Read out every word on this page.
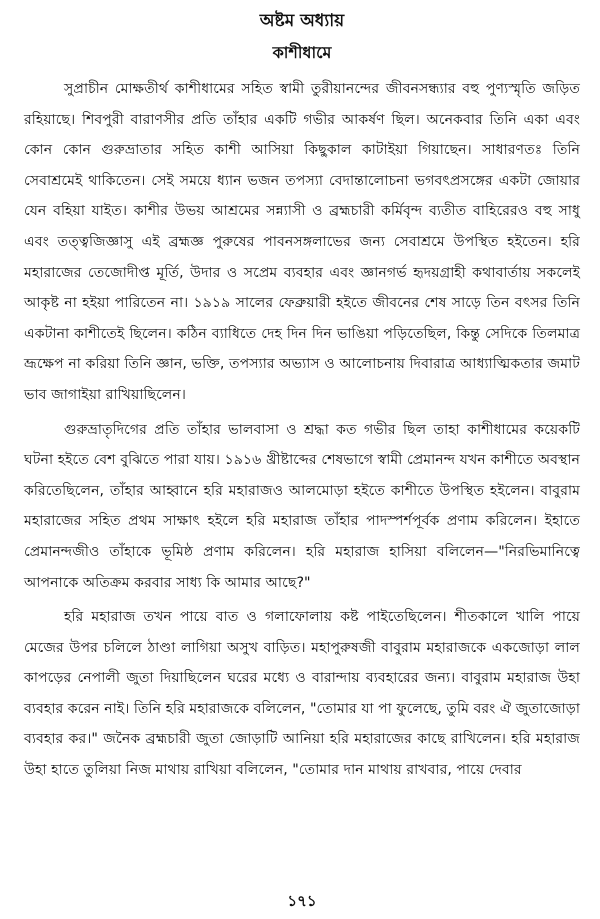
অষ্টম অধ্যায়
কাশীধামে

সুপ্রাচীন মোক্ষতীর্থ কাশীধামের সহিত স্বামী তুরীয়ানন্দের জীবনসন্ধ্যার বহু পুণ্যস্মৃতি জড়িত রহিয়াছে। শিবপুরী বারাণসীর প্রতি তাঁহার একটি গভীর আকর্ষণ ছিল। অনেকবার তিনি একা এবং কোন কোন গুরুভ্রাতার সহিত কাশী আসিয়া কিছুকাল কাটাইয়া গিয়াছেন। সাধারণতঃ তিনি সেবাশ্রমেই থাকিতেন। সেই সময়ে ধ্যান ভজন তপস্যা বেদান্তালোচনা ভগবৎপ্রসঙ্গের একটা জোয়ার যেন বহিয়া যাইত। কাশীর উভয় আশ্রমের সন্ন্যাসী ও ব্রহ্মচারী কর্মিবৃন্দ ব্যতীত বাহিরেরও বহু সাধু এবং তত্ত্বজিজ্ঞাসু এই ব্রহ্মজ্ঞ পুরুষের পাবনসঙ্গলাভের জন্য সেবাশ্রমে উপস্থিত হইতেন। হরি মহারাজের তেজোদীপ্ত মূর্তি, উদার ও সপ্রেম ব্যবহার এবং জ্ঞানগর্ভ হৃদয়গ্রাহী কথাবার্তায় সকলেই আকৃষ্ট না হইয়া পারিতেন না। ১৯১৯ সালের ফেব্রুয়ারী হইতে জীবনের শেষ সাড়ে তিন বৎসর তিনি একটানা কাশীতেই ছিলেন। কঠিন ব্যাধিতে দেহ দিন দিন ভাঙিয়া পড়িতেছিল, কিন্তু সেদিকে তিলমাত্র ভ্রূক্ষেপ না করিয়া তিনি জ্ঞান, ভক্তি, তপস্যার অভ্যাস ও আলোচনায় দিবারাত্র আধ্যাত্মিকতার জমাট ভাব জাগাইয়া রাখিয়াছিলেন।

গুরুভ্রাতৃদিগের প্রতি তাঁহার ভালবাসা ও শ্রদ্ধা কত গভীর ছিল তাহা কাশীধামের কয়েকটি ঘটনা হইতে বেশ বুঝিতে পারা যায়। ১৯১৬ খ্রীষ্টাব্দের শেষভাগে স্বামী প্রেমানন্দ যখন কাশীতে অবস্থান করিতেছিলেন, তাঁহার আহ্বানে হরি মহারাজও আলমোড়া হইতে কাশীতে উপস্থিত হইলেন। বাবুরাম মহারাজের সহিত প্রথম সাক্ষাৎ হইলে হরি মহারাজ তাঁহার পাদস্পর্শপূর্বক প্রণাম করিলেন। ইহাতে প্রেমানন্দজীও তাঁহাকে ভূমিষ্ঠ প্রণাম করিলেন। হরি মহারাজ হাসিয়া বলিলেন—"নিরভিমানিত্বে আপনাকে অতিক্রম করবার সাধ্য কি আমার আছে?"

হরি মহারাজ তখন পায়ে বাত ও গলাফোলায় কষ্ট পাইতেছিলেন। শীতকালে খালি পায়ে মেজের উপর চলিলে ঠাণ্ডা লাগিয়া অসুখ বাড়িত। মহাপুরুষজী বাবুরাম মহারাজকে একজোড়া লাল কাপড়ের নেপালী জুতা দিয়াছিলেন ঘরের মধ্যে ও বারান্দায় ব্যবহারের জন্য। বাবুরাম মহারাজ উহা ব্যবহার করেন নাই। তিনি হরি মহারাজকে বলিলেন, "তোমার যা পা ফুলেছে, তুমি বরং ঐ জুতাজোড়া ব্যবহার কর।" জনৈক ব্রহ্মচারী জুতা জোড়াটি আনিয়া হরি মহারাজের কাছে রাখিলেন। হরি মহারাজ উহা হাতে তুলিয়া নিজ মাথায় রাখিয়া বলিলেন, "তোমার দান মাথায় রাখবার, পায়ে দেবার

১৭১
